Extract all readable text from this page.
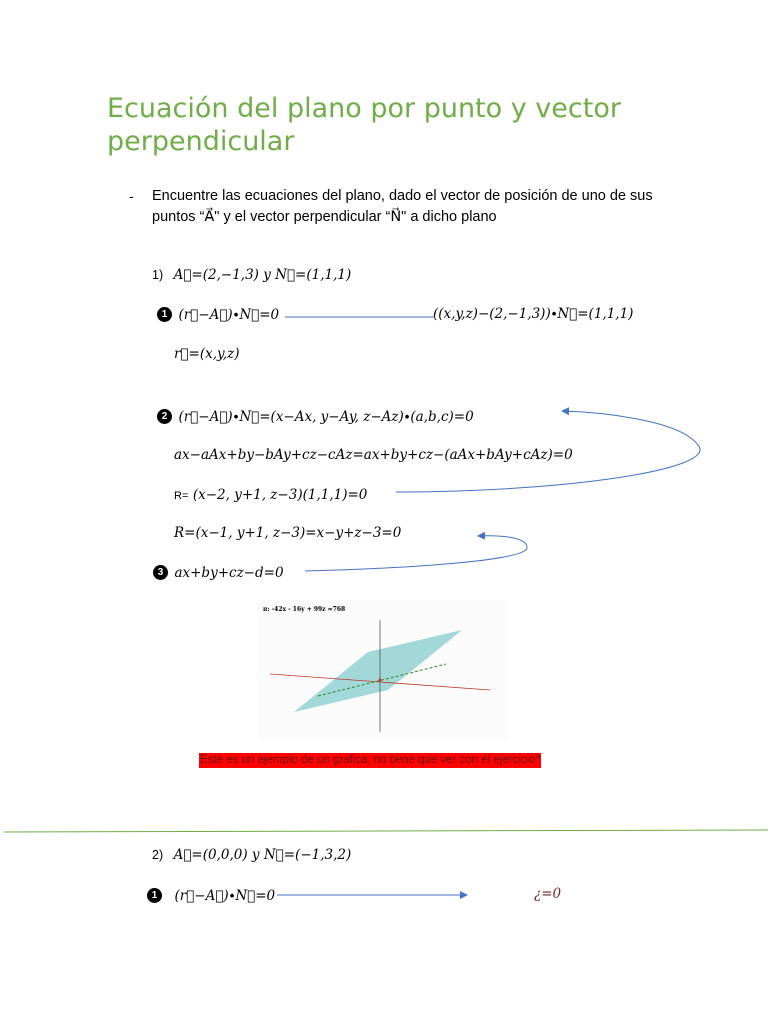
Ecuación del plano por punto y vector perpendicular
- Encuentre las ecuaciones del plano, dado el vector de posición de uno de sus puntos “A⃗" y el vector perpendicular “N⃗" a dicho plano
1) A⃗=(2,−1,3) y N⃗=(1,1,1)
1 (r⃗−A⃗)∙N⃗=0	((x,y,z)−(2,−1,3))∙N⃗=(1,1,1)
r⃗=(x,y,z)
2 (r⃗−A⃗)∙N⃗=(x−Ax, y−Ay, z−Az)∙(a,b,c)=0
ax−aAx+by−bAy+cz−cAz=ax+by+cz−(aAx+bAy+cAz)=0
R= (x−2, y+1, z−3)(1,1,1)=0
R=(x−1, y+1, z−3)=x−y+z−3=0
3 ax+by+cz−d=0
π: -42x - 16y + 99z =768
Este es un ejemplo de un grafica, no tiene que ver con el ejercicio*
2) A⃗=(0,0,0) y N⃗=(−1,3,2)
1 (r⃗−A⃗)∙N⃗=0	¿=0
